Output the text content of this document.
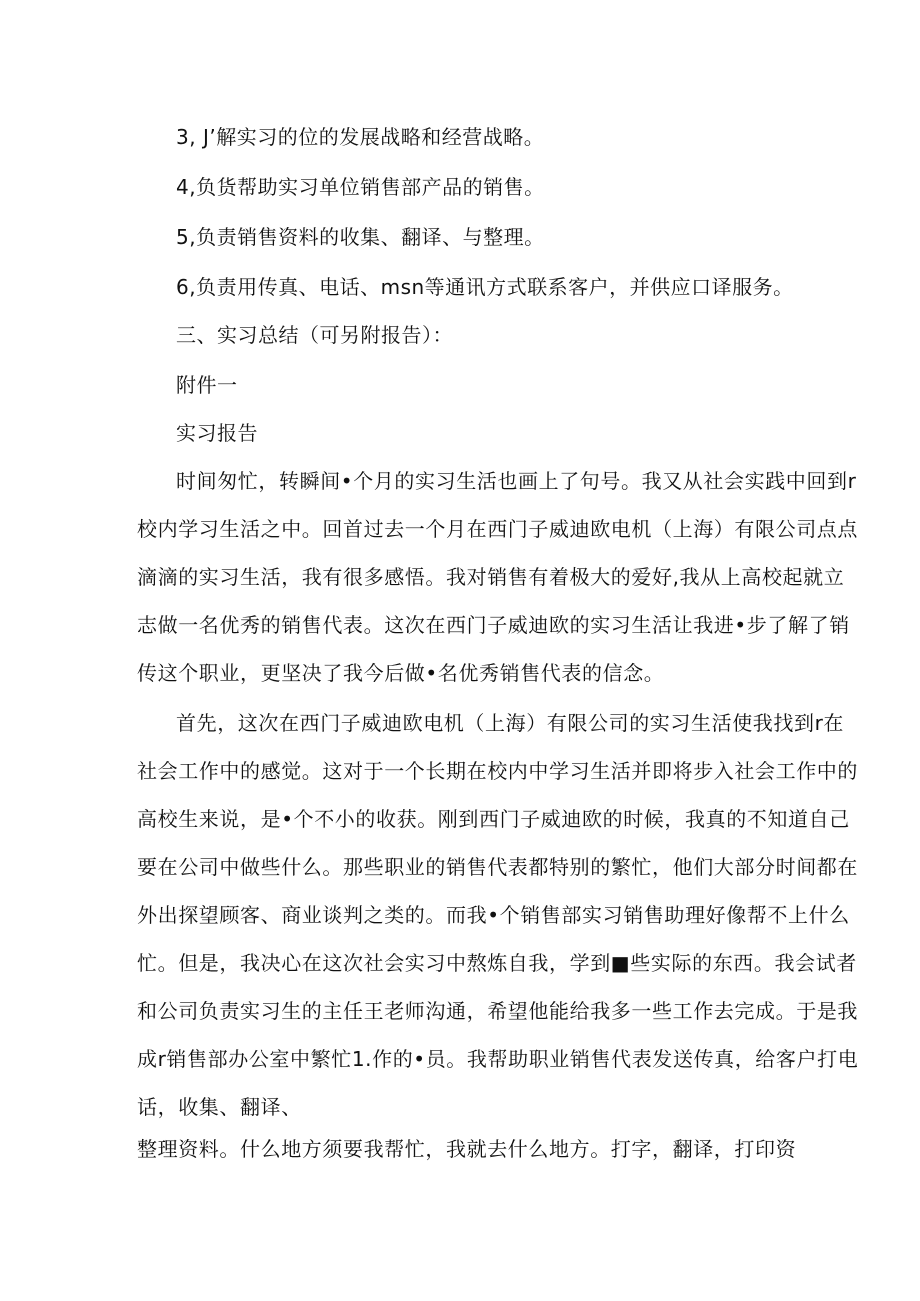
3, J’解实习的位的发展战略和经营战略。
4,负货帮助实习单位销售部产品的销售。
5,负责销售资料的收集、翻译、与整理。
6,负责用传真、电话、msn等通讯方式联系客户，并供应口译服务。
三、实习总结（可另附报告）：
附件一
实习报告
时间匆忙，转瞬间•个月的实习生活也画上了句号。我又从社会实践中回到r
校内学习生活之中。回首过去一个月在西门子威迪欧电机（上海）有限公司点点
滴滴的实习生活，我有很多感悟。我对销售有着极大的爱好,我从上高校起就立
志做一名优秀的销售代表。这次在西门子威迪欧的实习生活让我进•步了解了销
传这个职业，更坚决了我今后做•名优秀销售代表的信念。
首先，这次在西门子威迪欧电机（上海）有限公司的实习生活使我找到r在
社会工作中的感觉。这对于一个长期在校内中学习生活并即将步入社会工作中的
高校生来说，是•个不小的收获。刚到西门子威迪欧的时候，我真的不知道自己
要在公司中做些什么。那些职业的销售代表都特别的繁忙，他们大部分时间都在
外出探望顾客、商业谈判之类的。而我•个销售部实习销售助理好像帮不上什么
忙。但是，我决心在这次社会实习中熬炼自我，学到■些实际的东西。我会试者
和公司负责实习生的主任王老师沟通，希望他能给我多一些工作去完成。于是我
成r销售部办公室中繁忙1.作的•员。我帮助职业销售代表发送传真，给客户打电
话，收集、翻译、
整理资料。什么地方须要我帮忙，我就去什么地方。打字，翻译，打印资
